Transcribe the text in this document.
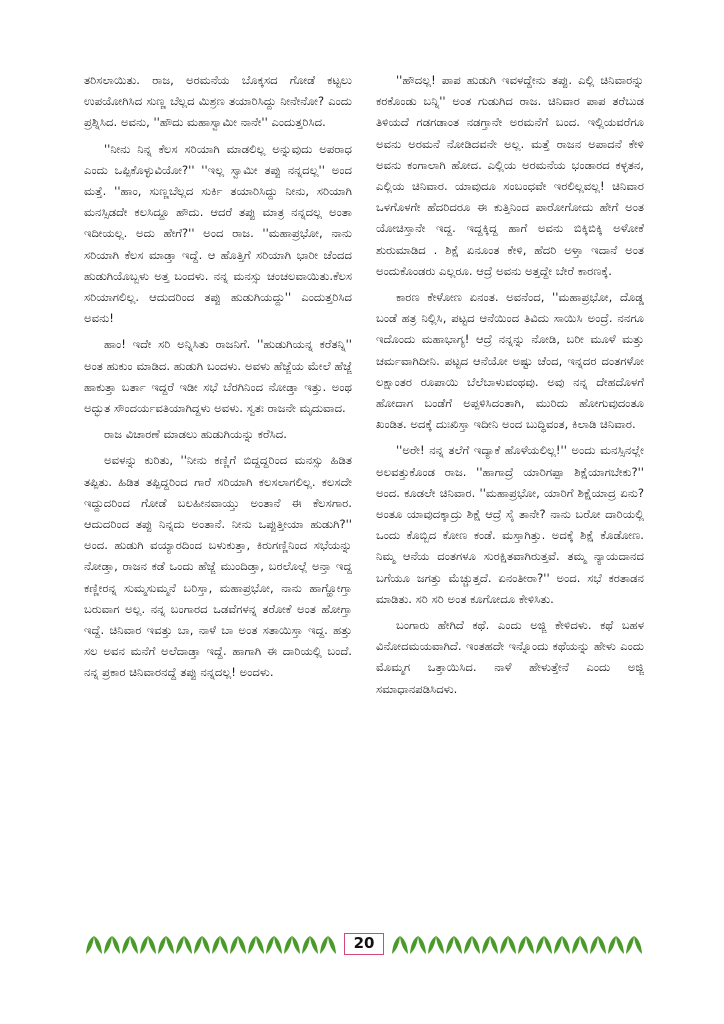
ತರಿಸಲಾಯಿತು. ರಾಜ, ಅರಮನೆಯ ಬೊಕ್ಕಸದ ಗೋಡೆ ಕಟ್ಟಲು ಉಪಯೋಗಿಸಿದ ಸುಣ್ಣ ಬೆಲ್ಲದ ಮಿಶ್ರಣ ತಯಾರಿಸಿದ್ದು ನೀನೇನೋ? ಎಂದು ಪ್ರಶ್ನಿಸಿದ. ಅವನು, ''ಹೌದು ಮಹಾಸ್ವಾಮೀ ನಾನೇ'' ಎಂದುತ್ತರಿಸಿದ.

''ನೀನು ನಿನ್ನ ಕೆಲಸ ಸರಿಯಾಗಿ ಮಾಡಲಿಲ್ಲ ಅನ್ನುವುದು ಅಪರಾಧ ಎಂದು ಒಪ್ಪಿಕೊಳ್ಳುವಿಯೋ?'' ''ಇಲ್ಲ ಸ್ವಾಮೀ ತಪ್ಪು ನನ್ನದಲ್ಲ'' ಅಂದ ಮತ್ತೆ. ''ಹಾಂ, ಸುಣ್ಣಬೆಲ್ಲದ ಸುರ್ಕಿ ತಯಾರಿಸಿದ್ದು ನೀನು, ಸರಿಯಾಗಿ ಮನಸ್ಸಿಡದೇ ಕಲಸಿದ್ದೂ ಹೌದು. ಆದರೆ ತಪ್ಪು ಮಾತ್ರ ನನ್ನದಲ್ಲ ಅಂತಾ ಇದೀಯಲ್ಲ. ಅದು ಹೇಗೆ?'' ಅಂದ ರಾಜ. ''ಮಹಾಪ್ರಭೋ, ನಾನು ಸರಿಯಾಗಿ ಕೆಲಸ ಮಾಡ್ತಾ ಇದ್ದೆ. ಆ ಹೊತ್ತಿಗೆ ಸರಿಯಾಗಿ ಭಾರೀ ಚೆಂದದ ಹುಡುಗಿಯೊಬ್ಬಳು ಅತ್ತ ಬಂದಳು. ನನ್ನ ಮನಸ್ಸು ಚಂಚಲವಾಯಿತು.ಕೆಲಸ ಸರಿಯಾಗಲಿಲ್ಲ. ಆದುದರಿಂದ ತಪ್ಪು ಹುಡುಗಿಯದ್ದು'' ಎಂದುತ್ತರಿಸಿದ ಅವನು!

ಹಾಂ! ಇದೇ ಸರಿ ಅನ್ನಿಸಿತು ರಾಜನಿಗೆ. ''ಹುಡುಗಿಯನ್ನ ಕರೆತನ್ನಿ'' ಅಂತ ಹುಕುಂ ಮಾಡಿದ. ಹುಡುಗಿ ಬಂದಳು. ಅವಳು ಹೆಜ್ಜೆಯ ಮೇಲೆ ಹೆಜ್ಜೆ ಹಾಕುತ್ತಾ ಬರ್ತಾ ಇದ್ದರೆ ಇಡೀ ಸಭೆ ಬೆರಗಿನಿಂದ ನೋಡ್ತಾ ಇತ್ತು. ಅಂಥ ಅದ್ಭುತ ಸೌಂದರ್ಯವತಿಯಾಗಿದ್ದಳು ಅವಳು. ಸ್ವತಃ ರಾಜನೇ ಮೃದುವಾದ.

ರಾಜ ವಿಚಾರಣೆ ಮಾಡಲು ಹುಡುಗಿಯನ್ನು ಕರೆಸಿದ.

ಅವಳನ್ನು ಕುರಿತು, ''ನೀನು ಕಣ್ಣಿಗೆ ಬಿದ್ದದ್ದರಿಂದ ಮನಸ್ಸು ಹಿಡಿತ ತಪ್ಪಿತು. ಹಿಡಿತ ತಪ್ಪಿದ್ದರಿಂದ ಗಾರೆ ಸರಿಯಾಗಿ ಕಲಸಲಾಗಲಿಲ್ಲ. ಕಲಸದೇ ಇದ್ದುದರಿಂದ ಗೋಡೆ ಬಲಹೀನವಾಯ್ತು ಅಂತಾನೆ ಈ ಕೆಲಸಗಾರ. ಆದುದರಿಂದ ತಪ್ಪು ನಿನ್ನದು ಅಂತಾನೆ. ನೀನು ಒಪ್ಪುತ್ತೀಯಾ ಹುಡುಗಿ?'' ಅಂದ. ಹುಡುಗಿ ವಯ್ಯಾರದಿಂದ ಬಳುಕುತ್ತಾ, ಕಿರುಗಣ್ಣಿನಿಂದ ಸಭೆಯನ್ನು ನೋಡ್ತಾ, ರಾಜನ ಕಡೆ ಒಂದು ಹೆಜ್ಜೆ ಮುಂದಿಡ್ತಾ, ಬರಲೊಲ್ಲೆ ಅನ್ತಾ ಇದ್ದ ಕಣ್ಣೀರನ್ನ ಸುಮ್ಮಸುಮ್ಮನೆ ಬರಿಸ್ತಾ, ಮಹಾಪ್ರಭೋ, ನಾನು ಹಾಗ್ಹೋಗ್ತಾ ಬರುವಾಗ ಅಲ್ಲ. ನನ್ನ ಬಂಗಾರದ ಒಡವೆಗಳನ್ನ ತರೋಕೆ ಅಂತ ಹೋಗ್ತಾ ಇದ್ದೆ. ಚಿನಿವಾರ ಇವತ್ತು ಬಾ, ನಾಳೆ ಬಾ ಅಂತ ಸತಾಯಿಸ್ತಾ ಇದ್ದ. ಹತ್ತು ಸಲ ಅವನ ಮನೆಗೆ ಅಲೆದಾಡ್ತಾ ಇದ್ದೆ. ಹಾಗಾಗಿ ಈ ದಾರಿಯಲ್ಲಿ ಬಂದೆ. ನನ್ನ ಪ್ರಕಾರ ಚಿನಿವಾರನದ್ದೆ ತಪ್ಪು ನನ್ನದಲ್ಲ! ಅಂದಳು.

''ಹೌದಲ್ಲ! ಪಾಪ ಹುಡುಗಿ ಇವಳದ್ದೇನು ತಪ್ಪು. ಎಲ್ಲಿ ಚಿನಿವಾರನ್ನು ಕರಕೊಂಡು ಬನ್ನಿ'' ಅಂತ ಗುಡುಗಿದ ರಾಜ. ಚಿನಿವಾರ ಪಾಪ ತರೆಬುಡ ತಿಳಿಯದೆ ಗಡಗಡಾಂತ ನಡಗ್ತಾನೇ ಅರಮನೆಗೆ ಬಂದ. ಇಲ್ಲಿಯವರೆಗೂ ಅವನು ಅರಮನೆ ನೋಡಿದವನೇ ಅಲ್ಲ. ಮತ್ತೆ ರಾಜನ ಅಪಾದನೆ ಕೇಳಿ ಅವನು ಕಂಗಾಲಾಗಿ ಹೋದ. ಎಲ್ಲಿಯ ಅರಮನೆಯ ಭಂಡಾರದ ಕಳ್ಳತನ, ಎಲ್ಲಿಯ ಚಿನಿವಾರ. ಯಾವುದೂ ಸಂಬಂಧವೇ ಇರಲಿಲ್ಲವಲ್ಲ! ಚಿನಿವಾರ ಒಳಗೊಳಗೇ ಹೆದರಿದರೂ ಈ ಕುತ್ತಿನಿಂದ ಪಾರೋಗೋದು ಹೇಗೆ ಅಂತ ಯೋಚಿಸ್ತಾನೇ ಇದ್ದ. ಇದ್ದಕ್ಕಿದ್ದ ಹಾಗೆ ಅವನು ಬಿಕ್ಕಿಬಿಕ್ಕಿ ಅಳೋಕೆ ಶುರುಮಾಡಿದ . ಶಿಕ್ಷೆ ಏನೂಂತ ಕೇಳಿ, ಹೆದರಿ ಅಳ್ತಾ ಇದಾನೆ ಅಂತ ಅಂದುಕೊಂಡರು ಎಲ್ಲರೂ. ಆದ್ರೆ ಅವನು ಅತ್ತದ್ದೇ ಬೇರೆ ಕಾರಣಕ್ಕೆ.

ಕಾರಣ ಕೇಳೋಣ ಏನಂತ. ಅವನೆಂದ, ''ಮಹಾಪ್ರಭೋ, ದೊಡ್ಡ ಬಂಡೆ ಹತ್ರ ನಿಲ್ಲಿಸಿ, ಪಟ್ಟದ ಆನೆಯಿಂದ ತಿವಿದು ಸಾಯಿಸಿ ಅಂದ್ರೆ. ನನಗೂ ಇದೊಂದು ಮಹಾಭಾಗ್ಯ! ಆದ್ರೆ ನನ್ನನ್ನು ನೋಡಿ, ಬರೀ ಮೂಳೆ ಮತ್ತು ಚರ್ಮವಾಗಿದೀನಿ. ಪಟ್ಟದ ಆನೆಯೋ ಅಷ್ಟು ಚೆಂದ, ಇನ್ನದರ ದಂತಗಳೋ ಲಕ್ಷಾಂತರ ರೂಪಾಯಿ ಬೆಲೆಬಾಳುವಂಥವು. ಅವು ನನ್ನ ದೇಹದೊಳಗೆ ಹೋದಾಗ ಬಂಡೆಗೆ ಅಪ್ಪಳಿಸಿದಂತಾಗಿ, ಮುರಿದು ಹೋಗುವುದಂತೂ ಖಂಡಿತ. ಅದಕ್ಕೆ ದುಃಖಿಸ್ತಾ ಇದೀನಿ ಅಂದ ಬುದ್ಧಿವಂತ, ಕಿಲಾಡಿ ಚಿನಿವಾರ.

''ಅರೇ! ನನ್ನ ತಲೆಗೆ ಇದ್ಯಾಕೆ ಹೊಳೆಯಲಿಲ್ಲ!'' ಅಂದು ಮನಸ್ಸಿನಲ್ಲೇ ಅಲವತ್ತುಕೊಂಡ ರಾಜ. ''ಹಾಗಾದ್ರೆ ಯಾರಿಗಪ್ಪಾ ಶಿಕ್ಷೆಯಾಗಬೇಕು?'' ಅಂದ. ಕೂಡಲೇ ಚಿನಿವಾರ. ''ಮಹಾಪ್ರಭೋ, ಯಾರಿಗೆ ಶಿಕ್ಷೆಯಾದ್ರ ಏನು? ಅಂತೂ ಯಾವುದಕ್ಕಾದ್ರು ಶಿಕ್ಷೆ ಆದ್ರೆ ಸೈ ತಾನೇ? ನಾನು ಬರೋ ದಾರಿಯಲ್ಲಿ ಒಂದು ಕೊಬ್ಬಿದ ಕೋಣ ಕಂಡೆ. ಮಸ್ತಾಗಿತ್ತು. ಅದಕ್ಕೆ ಶಿಕ್ಷೆ ಕೊಡೋಣ. ನಿಮ್ಮ ಆನೆಯ ದಂತಗಳೂ ಸುರಕ್ಷಿತವಾಗಿರುತ್ತವೆ. ತಮ್ಮ ನ್ಯಾಯದಾನದ ಬಗೆಯೂ ಜಗತ್ತು ಮೆಚ್ಚುತ್ತದೆ. ಏನಂತೀರಾ?'' ಅಂದ. ಸಭೆ ಕರತಾಡನ ಮಾಡಿತು. ಸರಿ ಸರಿ ಅಂತ ಕೂಗೋದೂ ಕೇಳಿಸಿತು.

ಬಂಗಾರು ಹೇಗಿದೆ ಕಥೆ. ಎಂದು ಅಜ್ಜಿ ಕೇಳಿದಳು. ಕಥೆ ಬಹಳ ವಿನೋದಮಯವಾಗಿದೆ. ಇಂತಹದೇ ಇನ್ನೊಂದು ಕಥೆಯನ್ನು ಹೇಳು ಎಂದು ಮೊಮ್ಮಗ ಒತ್ತಾಯಿಸಿದ. ನಾಳೆ ಹೇಳುತ್ತೇನೆ ಎಂದು ಅಜ್ಜಿ ಸಮಾಧಾನಪಡಿಸಿದಳು.

20
